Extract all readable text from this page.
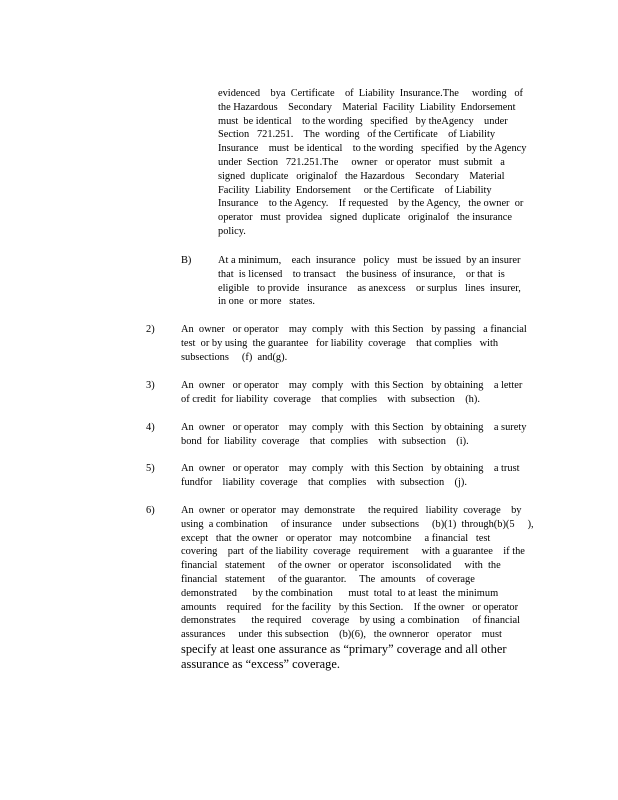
evidenced    bya  Certificate    of  Liability  Insurance.The     wording   of
the Hazardous    Secondary    Material  Facility  Liability  Endorsement
must  be identical    to the wording   specified   by theAgency    under
Section   721.251.    The  wording   of the Certificate    of Liability
Insurance    must  be identical    to the wording   specified   by the Agency
under  Section   721.251.The     owner   or operator   must  submit   a
signed  duplicate   originalof   the Hazardous    Secondary    Material
Facility  Liability  Endorsement     or the Certificate    of Liability
Insurance    to the Agency.    If requested    by the Agency,   the owner  or
operator   must  providea   signed  duplicate   originalof   the insurance
policy.
B)	At a minimum,    each  insurance   policy   must  be issued  by an insurer
that  is licensed    to transact    the business  of insurance,    or that  is
eligible   to provide   insurance    as anexcess    or surplus   lines  insurer,
in one  or more   states.
2)	An  owner   or operator    may  comply   with  this Section   by passing   a financial
test  or by using  the guarantee   for liability  coverage    that complies   with
subsections     (f)  and(g).
3)	An  owner   or operator    may  comply   with  this Section   by obtaining    a letter
of credit  for liability  coverage    that complies    with  subsection    (h).
4)	An  owner   or operator    may  comply   with  this Section   by obtaining    a surety
bond  for  liability  coverage    that  complies    with  subsection    (i).
5)	An  owner   or operator    may  comply   with  this Section   by obtaining    a trust
fundfor    liability  coverage    that  complies    with  subsection    (j).
6)	An  owner  or operator  may  demonstrate     the required   liability  coverage    by
using  a combination     of insurance    under  subsections     (b)(1)  through(b)(5     ),
except   that  the owner   or operator   may  notcombine     a financial   test
covering    part  of the liability  coverage   requirement     with  a guarantee    if the
financial   statement     of the owner   or operator   isconsolidated     with  the
financial   statement     of the guarantor.     The  amounts    of coverage
demonstrated      by the combination      must  total  to at least  the minimum
amounts    required    for the facility   by this Section.    If the owner   or operator
demonstrates      the required    coverage    by using  a combination     of financial
assurances     under  this subsection    (b)(6),   the ownneror   operator    must
specify at least one assurance as “primary” coverage and all other
assurance as “excess” coverage.
